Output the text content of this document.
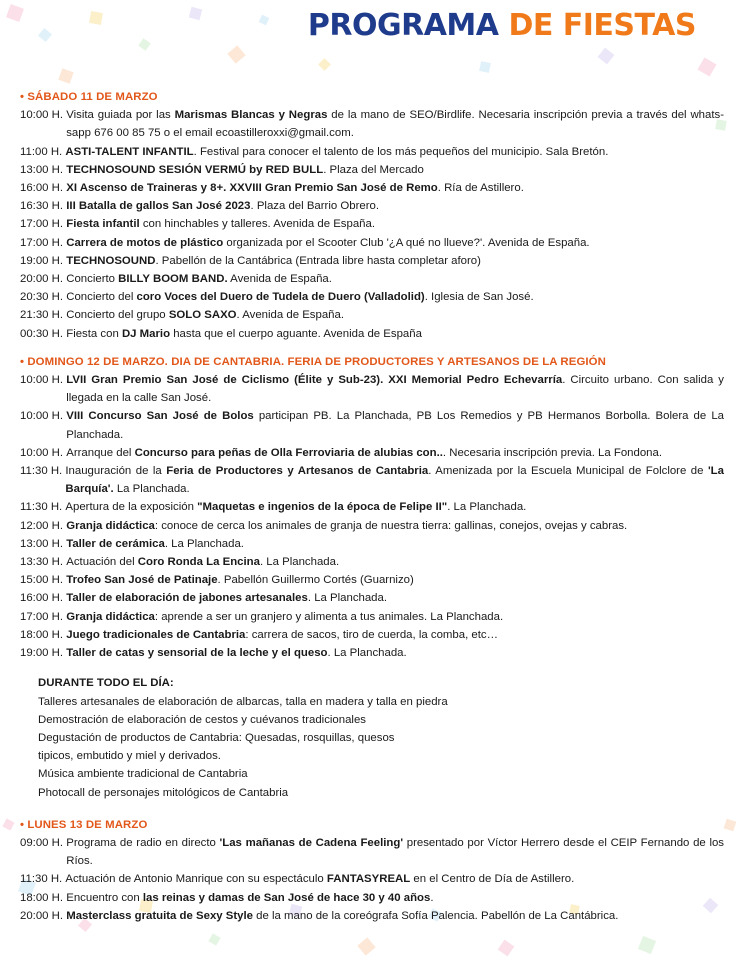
PROGRAMA DE FIESTAS
• SÁBADO 11 DE MARZO
10:00 H. Visita guiada por las Marismas Blancas y Negras de la mano de SEO/Birdlife. Necesaria inscripción previa a través del whats-sapp 676 00 85 75 o el email ecoastilleroxxi@gmail.com.
11:00 H. ASTI-TALENT INFANTIL. Festival para conocer el talento de los más pequeños del municipio. Sala Bretón.
13:00 H. TECHNOSOUND SESIÓN VERMÚ by RED BULL. Plaza del Mercado
16:00 H. XI Ascenso de Traineras y 8+. XXVIII Gran Premio San José de Remo. Ría de Astillero.
16:30 H. III Batalla de gallos San José 2023. Plaza del Barrio Obrero.
17:00 H. Fiesta infantil con hinchables y talleres. Avenida de España.
17:00 H. Carrera de motos de plástico organizada por el Scooter Club '¿A qué no llueve?'. Avenida de España.
19:00 H. TECHNOSOUND. Pabellón de la Cantábrica (Entrada libre hasta completar aforo)
20:00 H. Concierto BILLY BOOM BAND. Avenida de España.
20:30 H. Concierto del coro Voces del Duero de Tudela de Duero (Valladolid). Iglesia de San José.
21:30 H. Concierto del grupo SOLO SAXO. Avenida de España.
00:30 H. Fiesta con DJ Mario hasta que el cuerpo aguante. Avenida de España
• DOMINGO 12 DE MARZO. DIA DE CANTABRIA. FERIA DE PRODUCTORES Y ARTESANOS DE LA REGIÓN
10:00 H. LVII Gran Premio San José de Ciclismo (Élite y Sub-23). XXI Memorial Pedro Echevarría. Circuito urbano. Con salida y llegada en la calle San José.
10:00 H. VIII Concurso San José de Bolos participan PB. La Planchada, PB Los Remedios y PB Hermanos Borbolla. Bolera de La Planchada.
10:00 H. Arranque del Concurso para peñas de Olla Ferroviaria de alubias con... Necesaria inscripción previa. La Fondona.
11:30 H. Inauguración de la Feria de Productores y Artesanos de Cantabria. Amenizada por la Escuela Municipal de Folclore de 'La Barquía'. La Planchada.
11:30 H. Apertura de la exposición "Maquetas e ingenios de la época de Felipe II". La Planchada.
12:00 H. Granja didáctica: conoce de cerca los animales de granja de nuestra tierra: gallinas, conejos, ovejas y cabras.
13:00 H. Taller de cerámica. La Planchada.
13:30 H. Actuación del Coro Ronda La Encina. La Planchada.
15:00 H. Trofeo San José de Patinaje. Pabellón Guillermo Cortés (Guarnizo)
16:00 H. Taller de elaboración de jabones artesanales. La Planchada.
17:00 H. Granja didáctica: aprende a ser un granjero y alimenta a tus animales. La Planchada.
18:00 H. Juego tradicionales de Cantabria: carrera de sacos, tiro de cuerda, la comba, etc…
19:00 H. Taller de catas y sensorial de la leche y el queso. La Planchada.
DURANTE TODO EL DÍA:
Talleres artesanales de elaboración de albarcas, talla en madera y talla en piedra
Demostración de elaboración de cestos y cuévanos tradicionales
Degustación de productos de Cantabria: Quesadas, rosquillas, quesos
tipicos, embutido y miel y derivados.
Música ambiente tradicional de Cantabria
Photocall de personajes mitológicos de Cantabria
• LUNES 13 DE MARZO
09:00 H. Programa de radio en directo 'Las mañanas de Cadena Feeling' presentado por Víctor Herrero desde el CEIP Fernando de los Ríos.
11:30 H. Actuación de Antonio Manrique con su espectáculo FANTASYREAL en el Centro de Día de Astillero.
18:00 H. Encuentro con las reinas y damas de San José de hace 30 y 40 años.
20:00 H. Masterclass gratuita de Sexy Style de la mano de la coreógrafa Sofía Palencia. Pabellón de La Cantábrica.
